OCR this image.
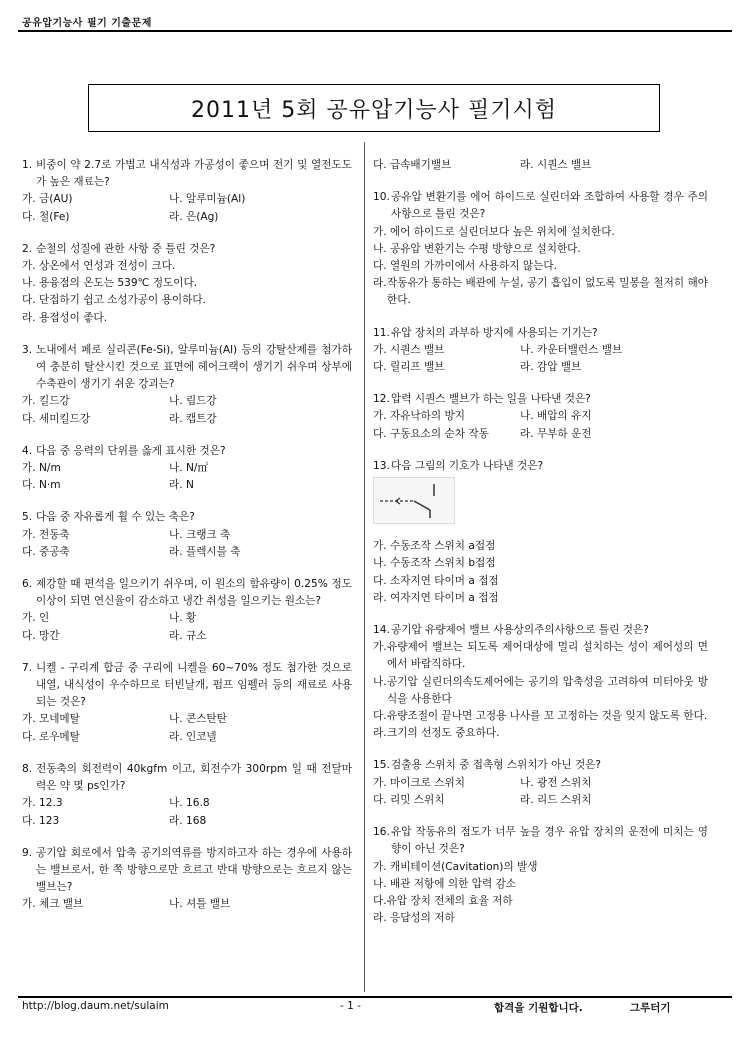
공유압기능사 필기 기출문제
2011년 5회 공유압기능사 필기시험
1. 비중이 약 2.7로 가볍고 내식성과 가공성이 좋으며 전기 및 열전도도가 높은 재료는?
가. 금(AU)	나. 알루미늄(Al)
다. 철(Fe)	라. 은(Ag)
2. 순철의 성질에 관한 사항 중 틀린 것은?
가. 상온에서 연성과 전성이 크다.
나. 용융점의 온도는 539℃ 정도이다.
다. 단접하기 쉽고 소성가공이 용이하다.
라. 용접성이 좋다.
3. 노내에서 페로 실리콘(Fe-Si), 알루미늄(Al) 등의 강탈산제를 첨가하여 충분히 탈산시킨 것으로 표면에 헤어크랙이 생기기 쉬우며 상부에 수축관이 생기기 쉬운 강괴는?
가. 킬드강	나. 림드강
다. 세미킬드강	라. 캡트강
4. 다음 중 응력의 단위를 옳게 표시한 것은?
가. N/m	나. N/㎡
다. N·m	라. N
5. 다음 중 자유롭게 휠 수 있는 축은?
가. 전동축	나. 크랭크 축
다. 중공축	라. 플렉시블 축
6. 제강할 때 편석을 일으키기 쉬우며, 이 원소의 함유량이 0.25% 정도 이상이 되면 연신율이 감소하고 냉간 취성을 일으키는 원소는?
가. 인	나. 황
다. 망간	라. 규소
7. 니켈 - 구리계 합금 중 구리에 니켈을 60~70% 정도 첨가한 것으로 내열, 내식성이 우수하므로 터빈날개, 펌프 임펠러 등의 재료로 사용되는 것은?
가. 모네메탈	나. 콘스탄탄
다. 로우메탈	라. 인코넬
8. 전동축의 회전력이 40kgfm 이고, 회전수가 300rpm 일 때 전달마력은 약 몇 ps인가?
가. 12.3	나. 16.8
다. 123	라. 168
9. 공기압 회로에서 압축 공기의역류를 방지하고자 하는 경우에 사용하는 밸브로서, 한 쪽 방향으로만 흐르고 반대 방향으로는 흐르지 않는 밸브는?
가. 체크 밸브	나. 셔틀 밸브
다. 급속배기밸브	라. 시퀀스 밸브
10. 공유압 변환기를 에어 하이드로 실린더와 조합하여 사용할 경우 주의사항으로 틀린 것은?
가. 에어 하이드로 실린더보다 높은 위치에 설치한다.
나. 공유압 변환기는 수평 방향으로 설치한다.
다. 열원의 가까이에서 사용하지 않는다.
라. 작동유가 통하는 배관에 누설, 공기 흡입이 없도록 밀봉을 철저히 해야 한다.
11. 유압 장치의 과부하 방지에 사용되는 기기는?
가. 시퀀스 밸브	나. 카운터밸런스 밸브
다. 릴리프 밸브	라. 감압 밸브
12. 압력 시퀀스 밸브가 하는 일을 나타낸 것은?
가. 자유낙하의 방지	나. 배압의 유지
다. 구동요소의 순차 작동	라. 무부하 운전
13. 다음 그림의 기호가 나타낸 것은?
가. 수동조작 스위치 a접점
나. 수동조작 스위치 b접점
다. 소자지연 타이머 a 접점
라. 여자지연 타이머 a 접점
14. 공기압 유량제어 밸브 사용상의주의사항으로 틀린 것은?
가. 유량제어 밸브는 되도록 제어대상에 멀리 설치하는 성이 제어성의 면에서 바람직하다.
나. 공기압 실린더의속도제어에는 공기의 압축성을 고려하여 미터아웃 방식을 사용한다
다. 유량조절이 끝나면 고정용 나사를 꼬 고정하는 것을 잊지 않도록 한다.
라. 크기의 선정도 중요하다.
15. 검출용 스위치 중 접촉형 스위치가 아닌 것은?
가. 마이크로 스위치	나. 광전 스위치
다. 리밋 스위치	라. 리드 스위치
16. 유압 작동유의 점도가 너무 높을 경우 유압 장치의 운전에 미치는 영향이 아닌 것은?
가. 캐비테이션(Cavitation)의 발생
나. 배관 저항에 의한 압력 감소
다.유압 장치 전체의 효율 저하
라. 응답성의 저하
http://blog.daum.net/sulaim	- 1 -	합격을 기원합니다.	그루터기
